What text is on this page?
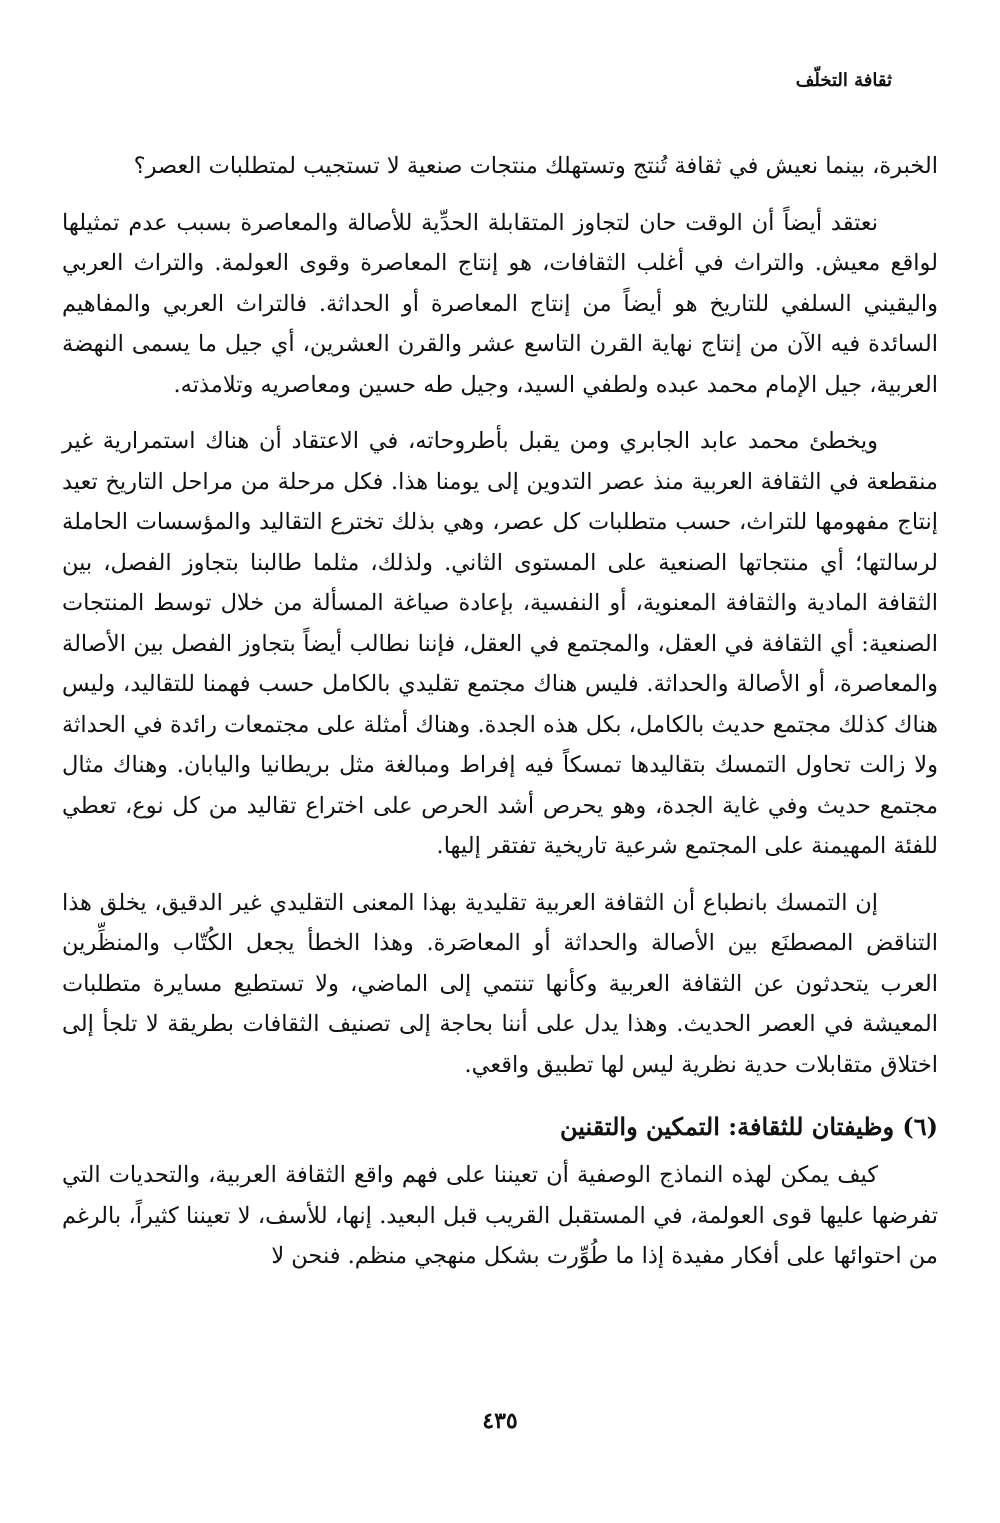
ثقافة التخلّف

الخبرة، بينما نعيش في ثقافة تُنتج وتستهلك منتجات صنعية لا تستجيب لمتطلبات العصر؟

نعتقد أيضاً أن الوقت حان لتجاوز المتقابلة الحدِّية للأصالة والمعاصرة بسبب عدم تمثيلها لواقع معيش. والتراث في أغلب الثقافات، هو إنتاج المعاصرة وقوى العولمة. والتراث العربي واليقيني السلفي للتاريخ هو أيضاً من إنتاج المعاصرة أو الحداثة. فالتراث العربي والمفاهيم السائدة فيه الآن من إنتاج نهاية القرن التاسع عشر والقرن العشرين، أي جيل ما يسمى النهضة العربية، جيل الإمام محمد عبده ولطفي السيد، وجيل طه حسين ومعاصريه وتلامذته.

ويخطئ محمد عابد الجابري ومن يقبل بأطروحاته، في الاعتقاد أن هناك استمرارية غير منقطعة في الثقافة العربية منذ عصر التدوين إلى يومنا هذا. فكل مرحلة من مراحل التاريخ تعيد إنتاج مفهومها للتراث، حسب متطلبات كل عصر، وهي بذلك تخترع التقاليد والمؤسسات الحاملة لرسالتها؛ أي منتجاتها الصنعية على المستوى الثاني. ولذلك، مثلما طالبنا بتجاوز الفصل، بين الثقافة المادية والثقافة المعنوية، أو النفسية، بإعادة صياغة المسألة من خلال توسط المنتجات الصنعية: أي الثقافة في العقل، والمجتمع في العقل، فإننا نطالب أيضاً بتجاوز الفصل بين الأصالة والمعاصرة، أو الأصالة والحداثة. فليس هناك مجتمع تقليدي بالكامل حسب فهمنا للتقاليد، وليس هناك كذلك مجتمع حديث بالكامل، بكل هذه الجدة. وهناك أمثلة على مجتمعات رائدة في الحداثة ولا زالت تحاول التمسك بتقاليدها تمسكاً فيه إفراط ومبالغة مثل بريطانيا واليابان. وهناك مثال مجتمع حديث وفي غاية الجدة، وهو يحرص أشد الحرص على اختراع تقاليد من كل نوع، تعطي للفئة المهيمنة على المجتمع شرعية تاريخية تفتقر إليها.

إن التمسك بانطباع أن الثقافة العربية تقليدية بهذا المعنى التقليدي غير الدقيق، يخلق هذا التناقض المصطنَع بين الأصالة والحداثة أو المعاصَرة. وهذا الخطأ يجعل الكُتّاب والمنظِّرين العرب يتحدثون عن الثقافة العربية وكأنها تنتمي إلى الماضي، ولا تستطيع مسايرة متطلبات المعيشة في العصر الحديث. وهذا يدل على أننا بحاجة إلى تصنيف الثقافات بطريقة لا تلجأ إلى اختلاق متقابلات حدية نظرية ليس لها تطبيق واقعي.

(٦) وظيفتان للثقافة: التمكين والتقنين

كيف يمكن لهذه النماذج الوصفية أن تعيننا على فهم واقع الثقافة العربية، والتحديات التي تفرضها عليها قوى العولمة، في المستقبل القريب قبل البعيد. إنها، للأسف، لا تعيننا كثيراً، بالرغم من احتوائها على أفكار مفيدة إذا ما طُوِّرت بشكل منهجي منظم. فنحن لا

٤٣٥
